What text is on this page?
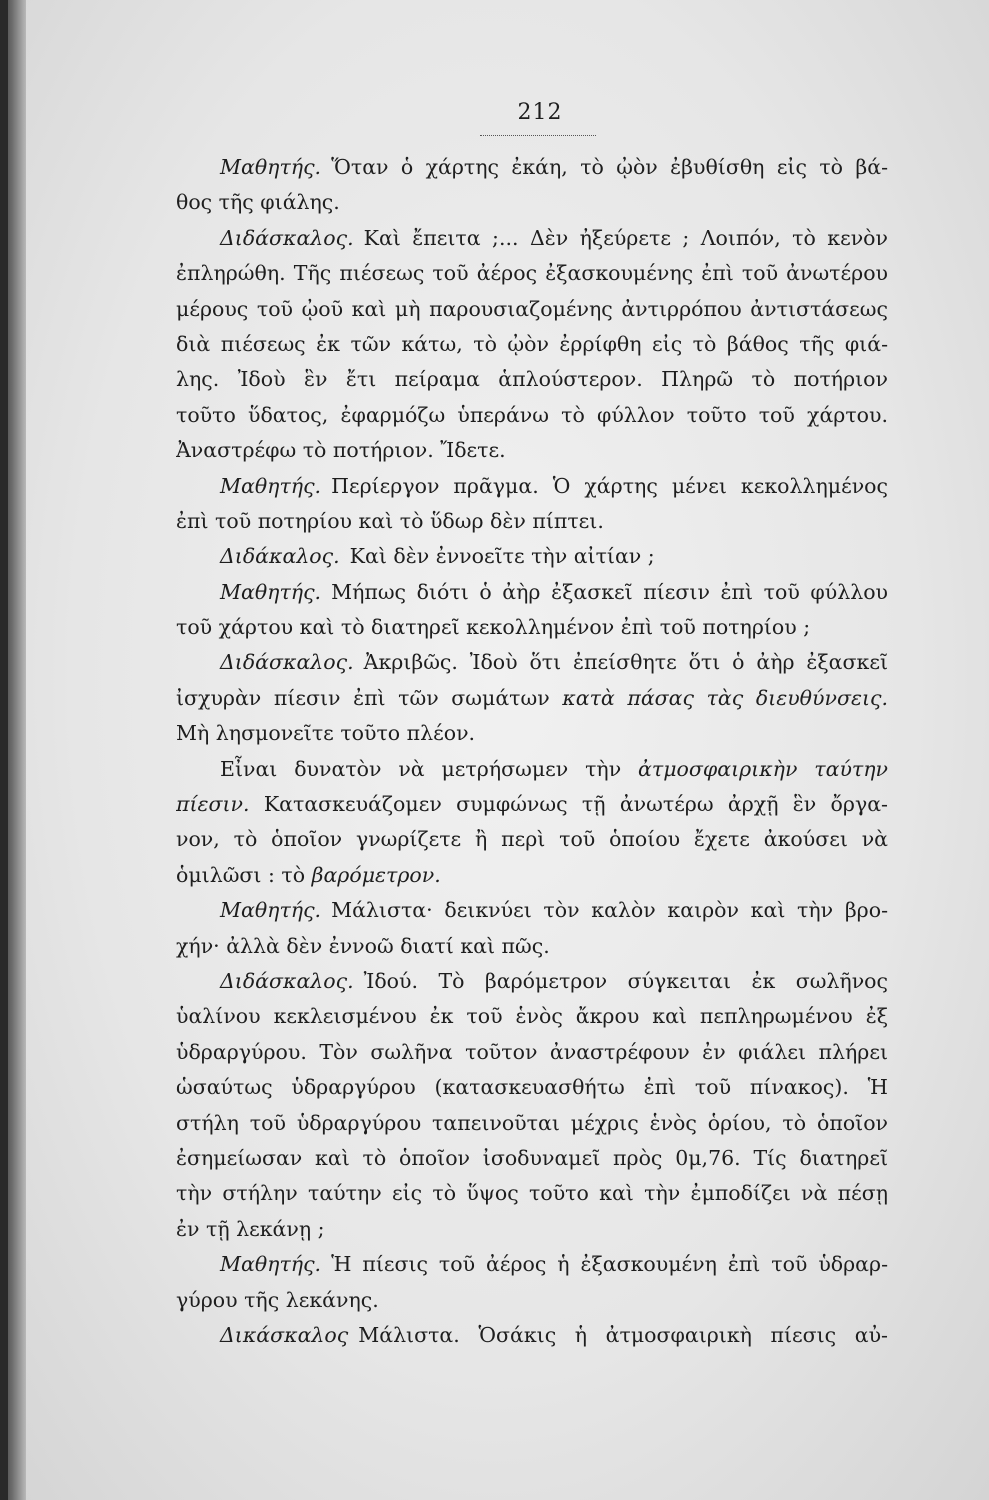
212
Μαθητής. Ὅταν ὁ χάρτης ἐκάη, τὸ ᾠὸν ἐβυθίσθη εἰς τὸ βά-
θος τῆς φιάλης.
Διδάσκαλος. Καὶ ἔπειτα ;... Δὲν ἠξεύρετε ; Λοιπόν, τὸ κενὸν
ἐπληρώθη. Τῆς πιέσεως τοῦ ἀέρος ἐξασκουμένης ἐπὶ τοῦ ἀνωτέρου
μέρους τοῦ ᾠοῦ καὶ μὴ παρουσιαζομένης ἀντιρρόπου ἀντιστάσεως
διὰ πιέσεως ἐκ τῶν κάτω, τὸ ᾠὸν ἐρρίφθη εἰς τὸ βάθος τῆς φιά-
λης. Ἰδοὺ ἓν ἔτι πείραμα ἁπλούστερον. Πληρῶ τὸ ποτήριον
τοῦτο ὕδατος, ἐφαρμόζω ὑπεράνω τὸ φύλλον τοῦτο τοῦ χάρτου.
Ἀναστρέφω τὸ ποτήριον. Ἴδετε.
Μαθητής. Περίεργον πρᾶγμα. Ὁ χάρτης μένει κεκολλημένος
ἐπὶ τοῦ ποτηρίου καὶ τὸ ὕδωρ δὲν πίπτει.
Διδάκαλος. Καὶ δὲν ἐννοεῖτε τὴν αἰτίαν ;
Μαθητής. Μήπως διότι ὁ ἀὴρ ἐξασκεῖ πίεσιν ἐπὶ τοῦ φύλλου
τοῦ χάρτου καὶ τὸ διατηρεῖ κεκολλημένον ἐπὶ τοῦ ποτηρίου ;
Διδάσκαλος. Ἀκριβῶς. Ἰδοὺ ὅτι ἐπείσθητε ὅτι ὁ ἀὴρ ἐξασκεῖ
ἰσχυρὰν πίεσιν ἐπὶ τῶν σωμάτων κατὰ πάσας τὰς διευθύνσεις.
Μὴ λησμονεῖτε τοῦτο πλέον.
Εἶναι δυνατὸν νὰ μετρήσωμεν τὴν ἀτμοσφαιρικὴν ταύτην
πίεσιν. Κατασκευάζομεν συμφώνως τῇ ἀνωτέρω ἀρχῇ ἓν ὄργα-
νον, τὸ ὁποῖον γνωρίζετε ἢ περὶ τοῦ ὁποίου ἔχετε ἀκούσει νὰ
ὁμιλῶσι : τὸ βαρόμετρον.
Μαθητής. Μάλιστα· δεικνύει τὸν καλὸν καιρὸν καὶ τὴν βρο-
χήν· ἀλλὰ δὲν ἐννοῶ διατί καὶ πῶς.
Διδάσκαλος. Ἰδού. Τὸ βαρόμετρον σύγκειται ἐκ σωλῆνος
ὑαλίνου κεκλεισμένου ἐκ τοῦ ἑνὸς ἄκρου καὶ πεπληρωμένου ἐξ
ὑδραργύρου. Τὸν σωλῆνα τοῦτον ἀναστρέφουν ἐν φιάλει πλήρει
ὡσαύτως ὑδραργύρου (κατασκευασθήτω ἐπὶ τοῦ πίνακος). Ἡ
στήλη τοῦ ὑδραργύρου ταπεινοῦται μέχρις ἑνὸς ὁρίου, τὸ ὁποῖον
ἐσημείωσαν καὶ τὸ ὁποῖον ἰσοδυναμεῖ πρὸς 0μ,76. Τίς διατηρεῖ
τὴν στήλην ταύτην εἰς τὸ ὕψος τοῦτο καὶ τὴν ἐμποδίζει νὰ πέσῃ
ἐν τῇ λεκάνῃ ;
Μαθητής. Ἡ πίεσις τοῦ ἀέρος ἡ ἐξασκουμένη ἐπὶ τοῦ ὑδραρ-
γύρου τῆς λεκάνης.
Δικάσκαλος Μάλιστα. Ὁσάκις ἡ ἀτμοσφαιρικὴ πίεσις αὐ-
